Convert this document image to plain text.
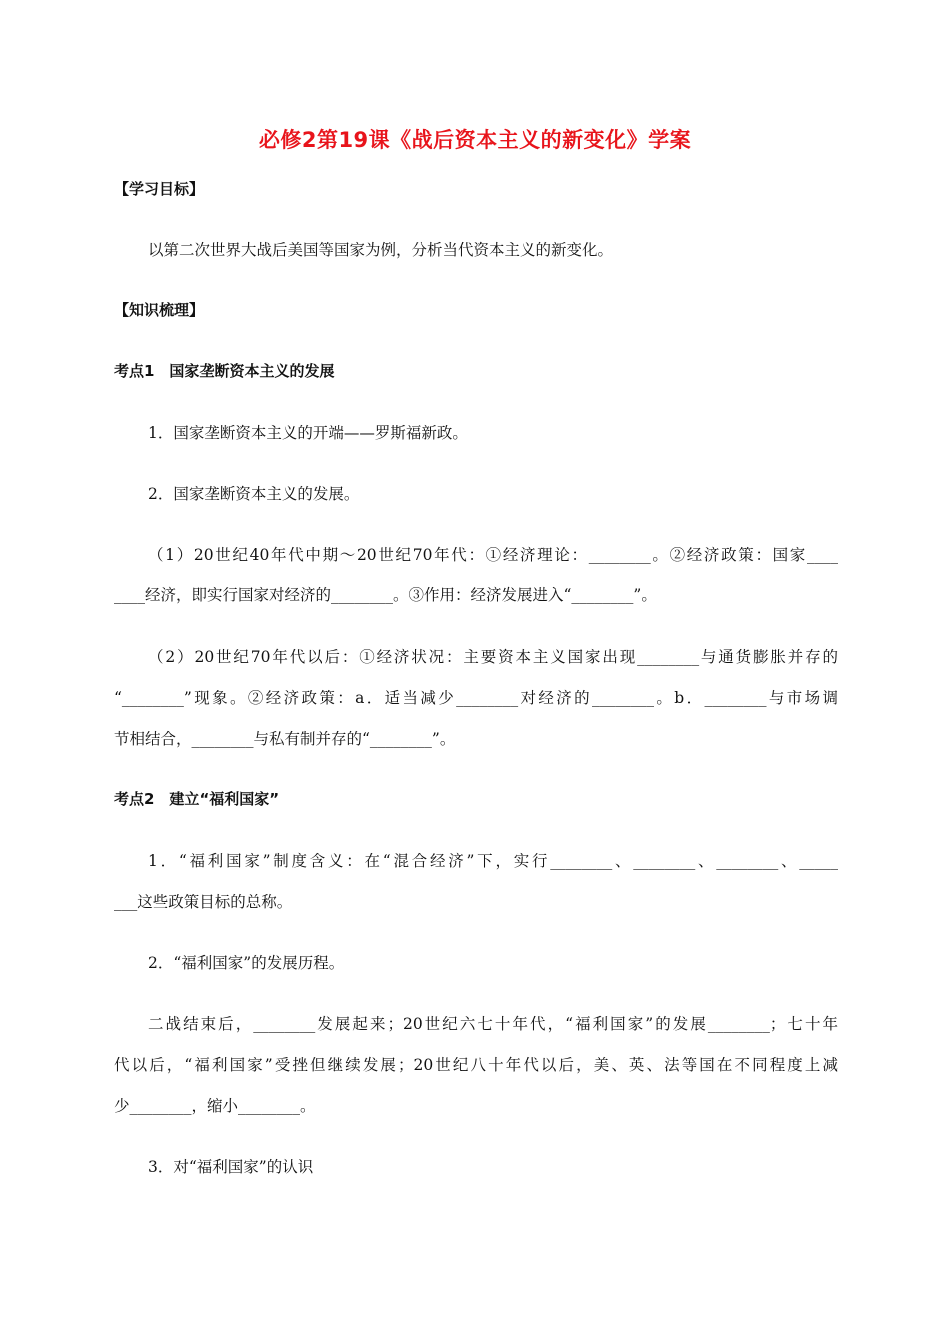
必修2第19课《战后资本主义的新变化》学案
【学习目标】
以第二次世界大战后美国等国家为例，分析当代资本主义的新变化。
【知识梳理】
考点1　国家垄断资本主义的发展
1．国家垄断资本主义的开端——罗斯福新政。
2．国家垄断资本主义的发展。
（1）20世纪40年代中期～20世纪70年代：①经济理论：________。②经济政策：国家____
____经济，即实行国家对经济的________。③作用：经济发展进入“________”。
（2）20世纪70年代以后：①经济状况：主要资本主义国家出现________与通货膨胀并存的
“________”现象。②经济政策：a．适当减少________对经济的________。b．________与市场调
节相结合，________与私有制并存的“________”。
考点2　建立“福利国家”
1．“福利国家”制度含义：在“混合经济”下，实行________、________、________、_____
___这些政策目标的总称。
2．“福利国家”的发展历程。
二战结束后，________发展起来；20世纪六七十年代，“福利国家”的发展________；七十年
代以后，“福利国家”受挫但继续发展；20世纪八十年代以后，美、英、法等国在不同程度上减
少________，缩小________。
3．对“福利国家”的认识
